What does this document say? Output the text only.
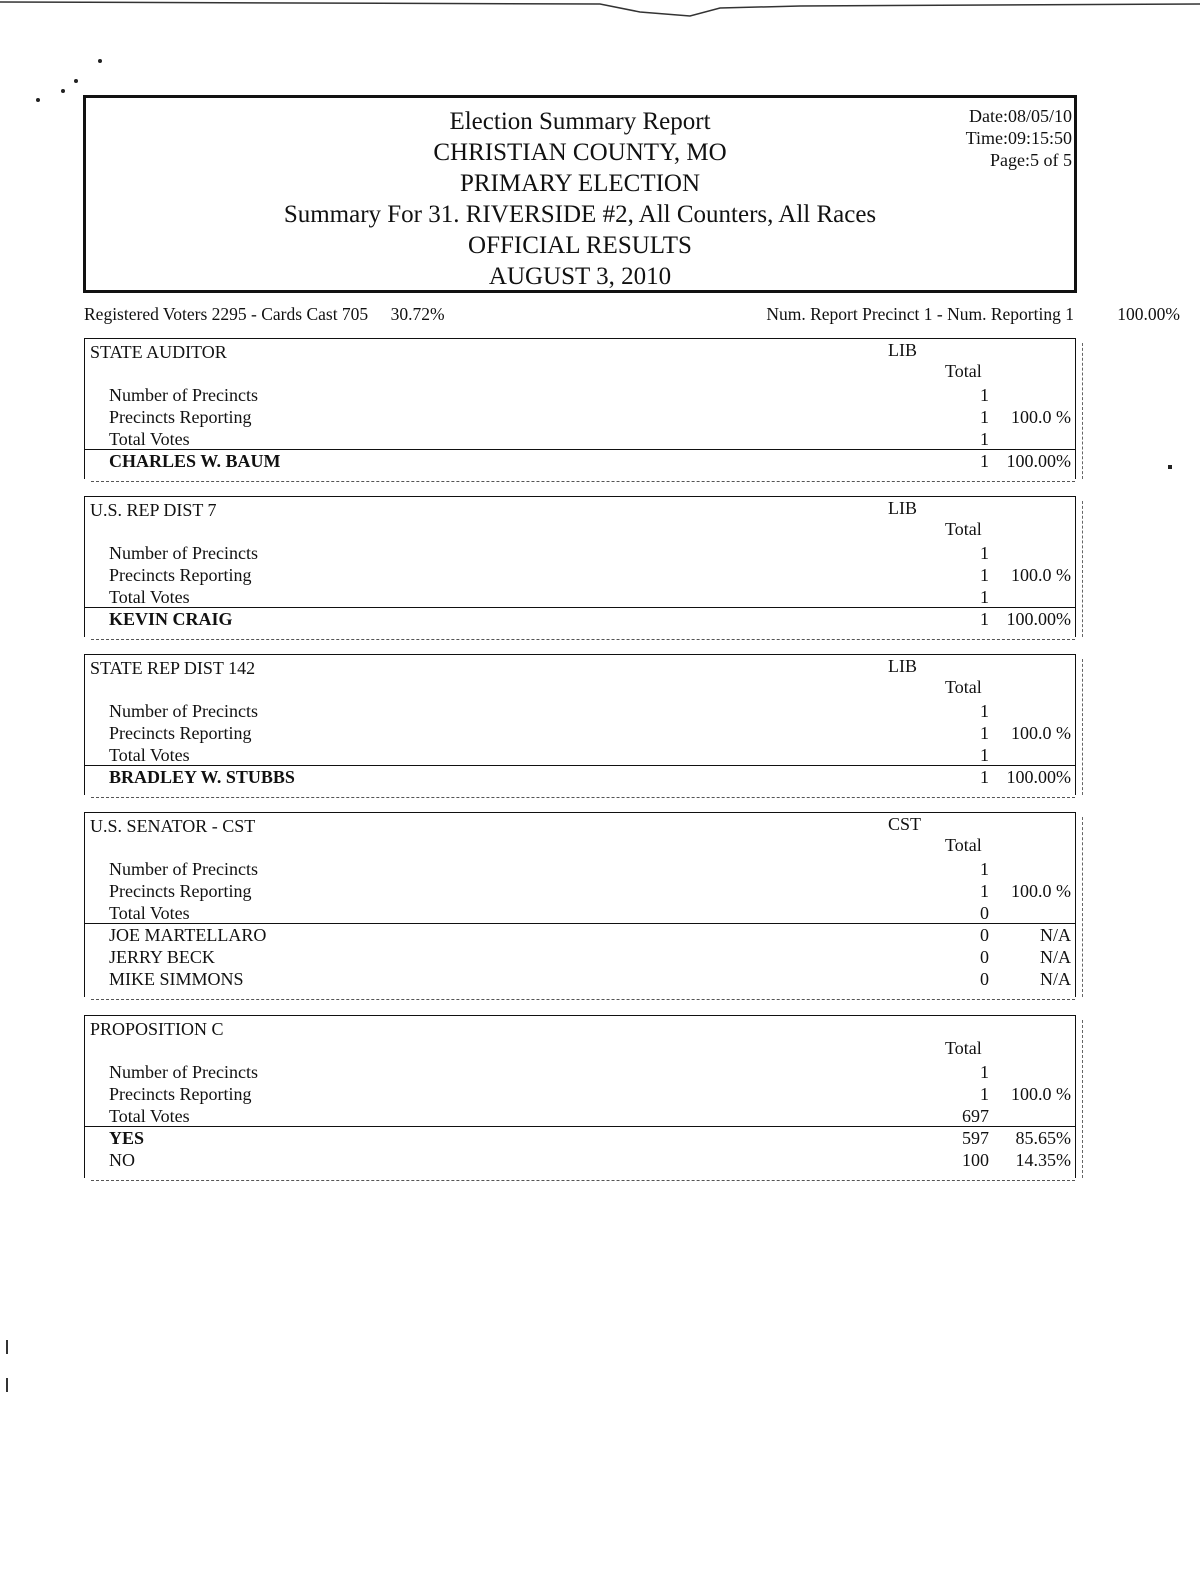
Election Summary Report
CHRISTIAN COUNTY, MO
PRIMARY ELECTION
Summary For 31. RIVERSIDE #2, All Counters, All Races
OFFICIAL RESULTS
AUGUST 3, 2010
Date:08/05/10
Time:09:15:50
Page:5 of 5
Registered Voters 2295 - Cards Cast 705 30.72%	Num. Report Precinct 1 - Num. Reporting 1 100.00%
STATE AUDITOR	LIB
Total
Number of Precincts	1
Precincts Reporting	1 100.0 %
Total Votes	1
CHARLES W. BAUM	1 100.00%
U.S. REP DIST 7	LIB
Total
Number of Precincts	1
Precincts Reporting	1 100.0 %
Total Votes	1
KEVIN CRAIG	1 100.00%
STATE REP DIST 142	LIB
Total
Number of Precincts	1
Precincts Reporting	1 100.0 %
Total Votes	1
BRADLEY W. STUBBS	1 100.00%
U.S. SENATOR - CST	CST
Total
Number of Precincts	1
Precincts Reporting	1 100.0 %
Total Votes	0
JOE MARTELLARO	0	N/A
JERRY BECK	0	N/A
MIKE SIMMONS	0	N/A
PROPOSITION C
Total
Number of Precincts	1
Precincts Reporting	1 100.0 %
Total Votes	697
YES	597 85.65%
NO	100 14.35%
